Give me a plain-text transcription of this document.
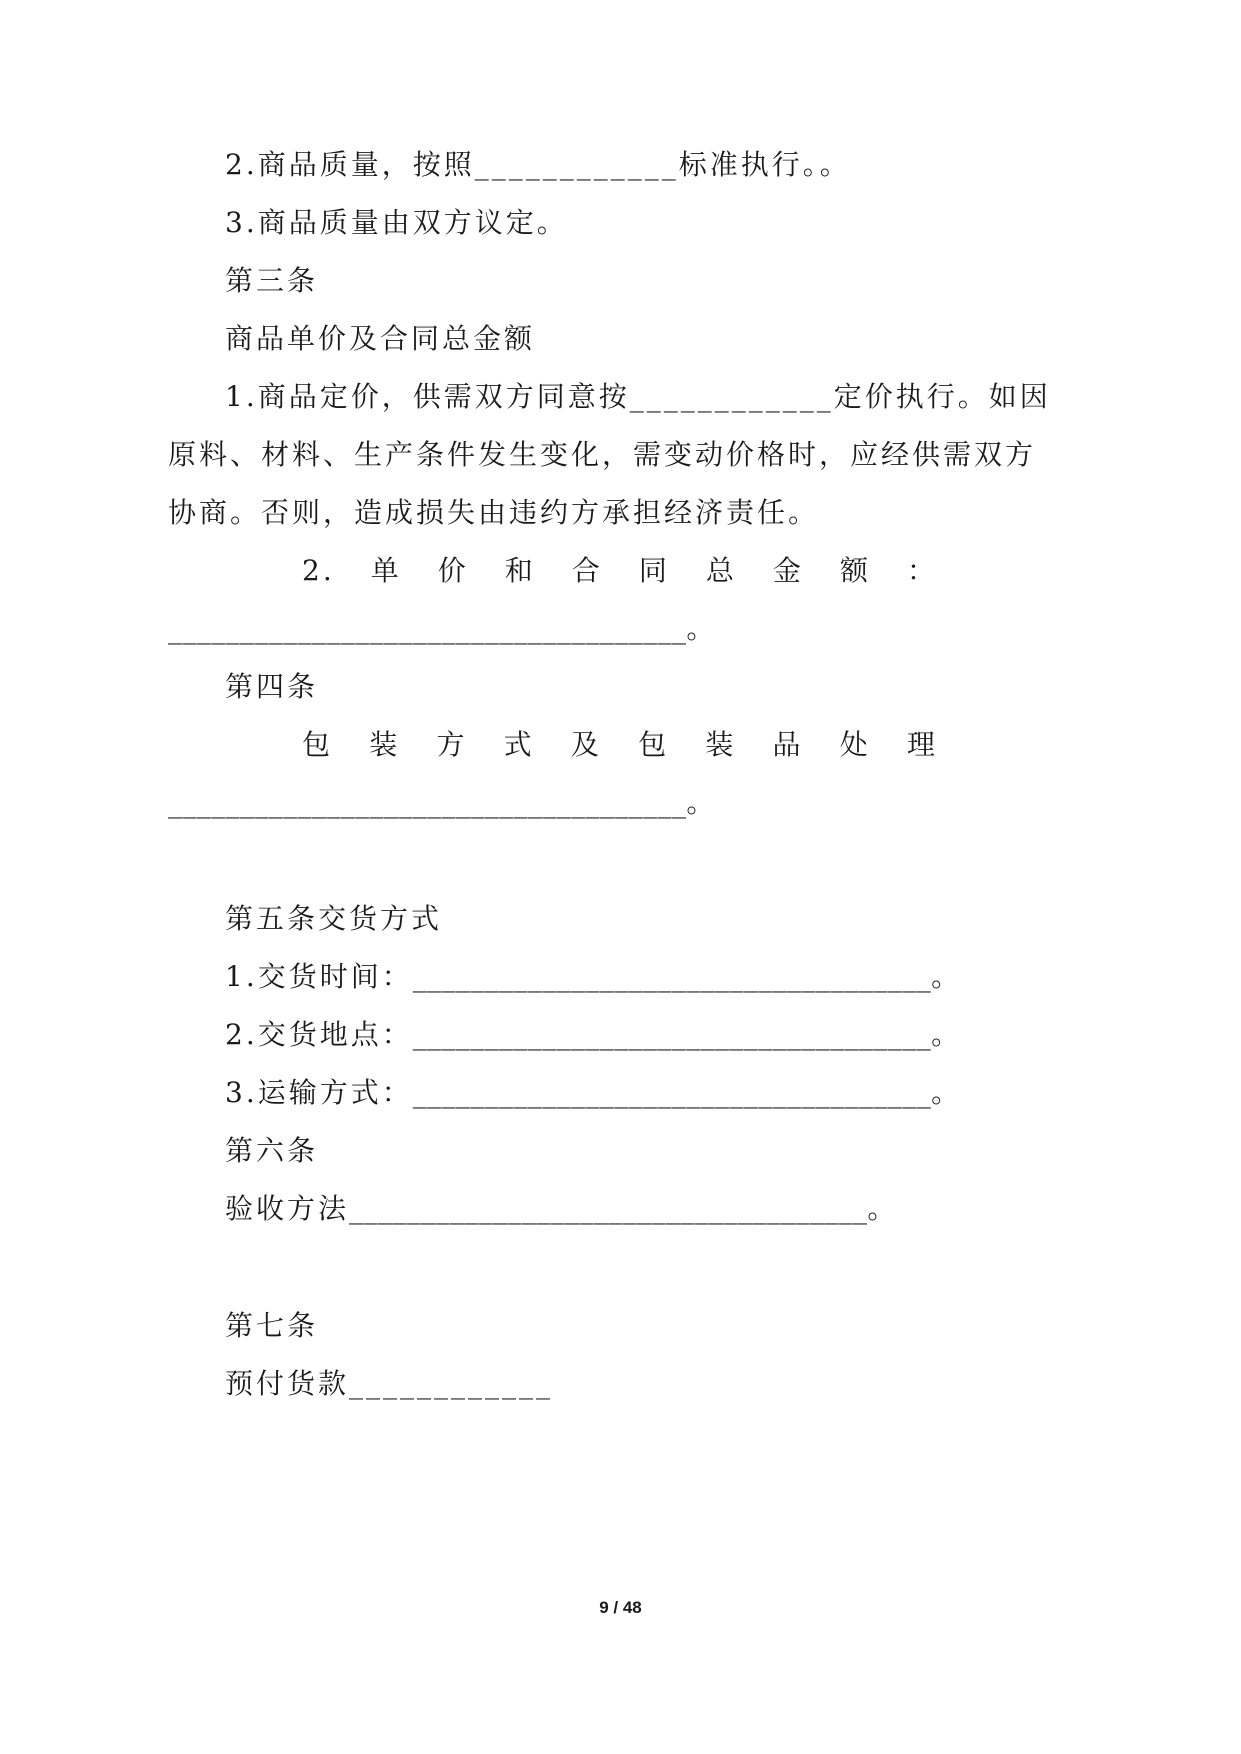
2.商品质量，按照____________标准执行。。
3.商品质量由双方议定。
第三条
商品单价及合同总金额
1.商品定价，供需双方同意按____________定价执行。如因
原料、材料、生产条件发生变化，需变动价格时，应经供需双方
协商。否则，造成损失由违约方承担经济责任。
2. 单 价 和 合 同 总 金 额 ：
____________________________________。
第四条
包 装 方 式 及 包 装 品 处 理
____________________________________。
第五条交货方式
1.交货时间：____________________________________。
2.交货地点：____________________________________。
3.运输方式：____________________________________。
第六条
验收方法____________________________________。
第七条
预付货款____________
9 / 48
